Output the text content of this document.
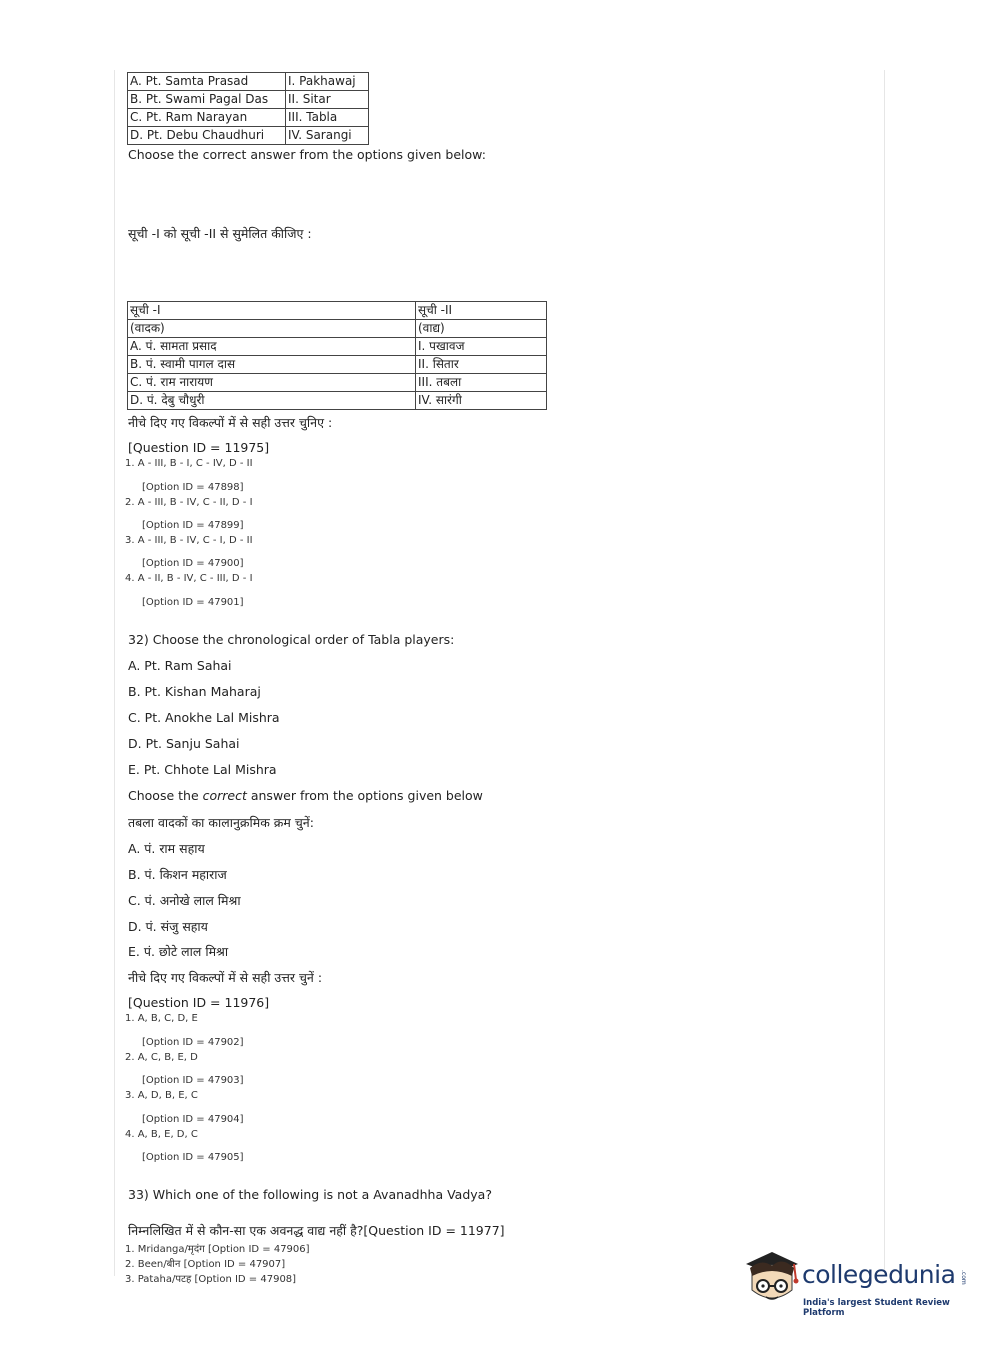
A. Pt. Samta Prasad	I. Pakhawaj
B. Pt. Swami Pagal Das	II. Sitar
C. Pt. Ram Narayan	III. Tabla
D. Pt. Debu Chaudhuri	IV. Sarangi
Choose the correct answer from the options given below:
सूची -I को सूची -II से सुमेलित कीजिए :
सूची -I	सूची -II
(वादक)	(वाद्य)
A. पं. सामता प्रसाद	I. पखावज
B. पं. स्वामी पागल दास	II. सितार
C. पं. राम नारायण	III. तबला
D. पं. देबु चौधुरी	IV. सारंगी
नीचे दिए गए विकल्पों में से सही उत्तर चुनिए :
[Question ID = 11975]
1. A - III, B - I, C - IV, D - II
[Option ID = 47898]
2. A - III, B - IV, C - II, D - I
[Option ID = 47899]
3. A - III, B - IV, C - I, D - II
[Option ID = 47900]
4. A - II, B - IV, C - III, D - I
[Option ID = 47901]
32) Choose the chronological order of Tabla players:
A. Pt. Ram Sahai
B. Pt. Kishan Maharaj
C. Pt. Anokhe Lal Mishra
D. Pt. Sanju Sahai
E. Pt. Chhote Lal Mishra
Choose the correct answer from the options given below
तबला वादकों का कालानुक्रमिक क्रम चुनें:
A. पं. राम सहाय
B. पं. किशन महाराज
C. पं. अनोखे लाल मिश्रा
D. पं. संजु सहाय
E. पं. छोटे लाल मिश्रा
नीचे दिए गए विकल्पों में से सही उत्तर चुनें :
[Question ID = 11976]
1. A, B, C, D, E
[Option ID = 47902]
2. A, C, B, E, D
[Option ID = 47903]
3. A, D, B, E, C
[Option ID = 47904]
4. A, B, E, D, C
[Option ID = 47905]
33) Which one of the following is not a Avanadhha Vadya?
निम्नलिखित में से कौन-सा एक अवनद्ध वाद्य नहीं है?[Question ID = 11977]
1. Mridanga/मृदंग [Option ID = 47906]
2. Been/बीन [Option ID = 47907]
3. Pataha/पटह [Option ID = 47908]	collegedunia .com
India's largest Student Review Platform
